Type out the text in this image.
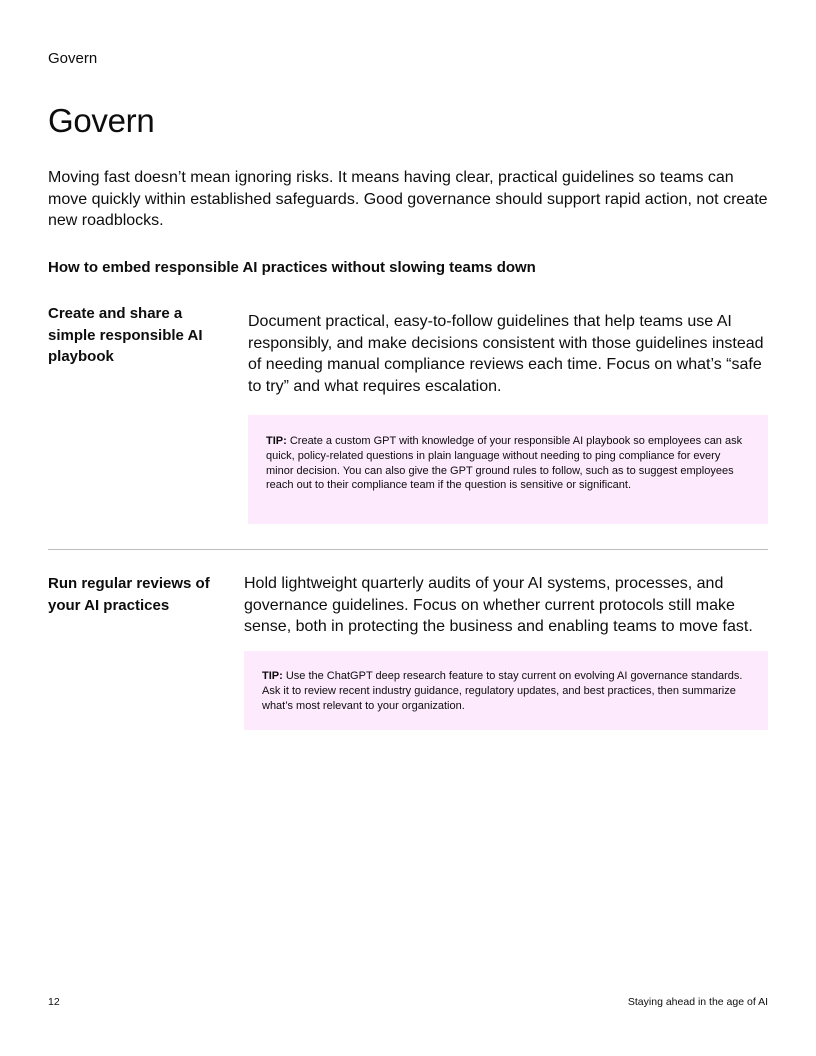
Govern
Govern

Moving fast doesn’t mean ignoring risks. It means having clear, practical guidelines so teams can move quickly within established safeguards. Good governance should support rapid action, not create new roadblocks.

How to embed responsible AI practices without slowing teams down
Create and share a simple responsible AI playbook

Document practical, easy-to-follow guidelines that help teams use AI responsibly, and make decisions consistent with those guidelines instead of needing manual compliance reviews each time. Focus on what’s “safe to try” and what requires escalation.

TIP: Create a custom GPT with knowledge of your responsible AI playbook so employees can ask quick, policy-related questions in plain language without needing to ping compliance for every minor decision. You can also give the GPT ground rules to follow, such as to suggest employees reach out to their compliance team if the question is sensitive or significant.
Run regular reviews of your AI practices

Hold lightweight quarterly audits of your AI systems, processes, and governance guidelines. Focus on whether current protocols still make sense, both in protecting the business and enabling teams to move fast.

TIP: Use the ChatGPT deep research feature to stay current on evolving AI governance standards. Ask it to review recent industry guidance, regulatory updates, and best practices, then summarize what’s most relevant to your organization.
12	Staying ahead in the age of AI
